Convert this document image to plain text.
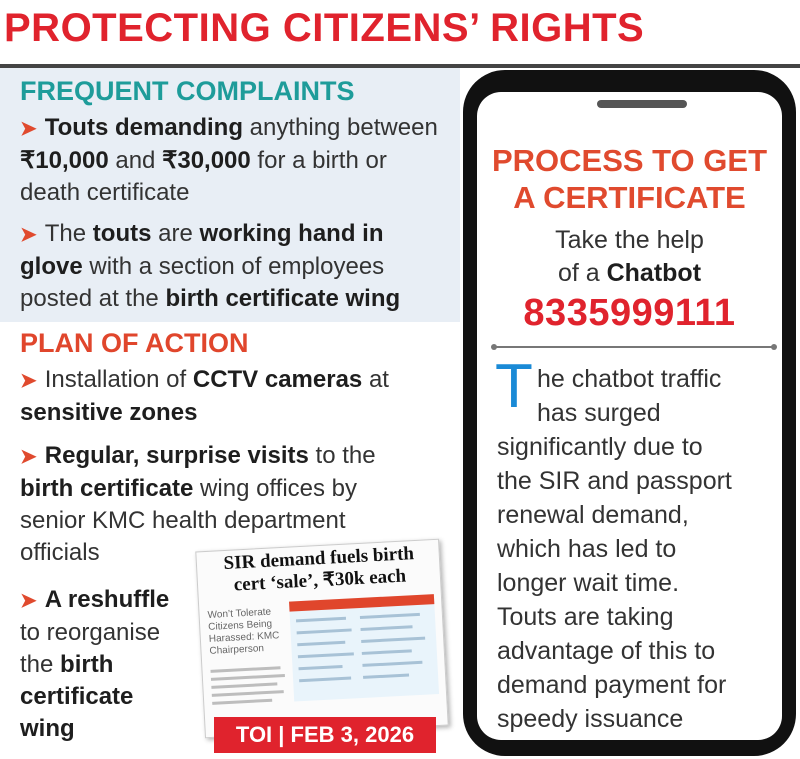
PROTECTING CITIZENS’ RIGHTS
FREQUENT COMPLAINTS

➤ Touts demanding anything between ₹10,000 and ₹30,000 for a birth or death certificate

➤ The touts are working hand in glove with a section of employees posted at the birth certificate wing

PLAN OF ACTION

➤ Installation of CCTV cameras at sensitive zones

➤ Regular, surprise visits to the birth certificate wing offices by senior KMC health department officials

➤ A reshuffle
to reorganise the birth
certificate
wing

SIR demand fuels birth
cert ‘sale’, ₹30k each

Won’t Tolerate Citizens Being Harassed: KMC Chairperson

TOI | FEB 3, 2026

PROCESS TO GET
A CERTIFICATE

Take the help
of a Chatbot

8335999111

T he chatbot traffic

has surged

significantly due to

the SIR and passport

renewal demand,

which has led to

longer wait time.

Touts are taking

advantage of this to

demand payment for

speedy issuance
